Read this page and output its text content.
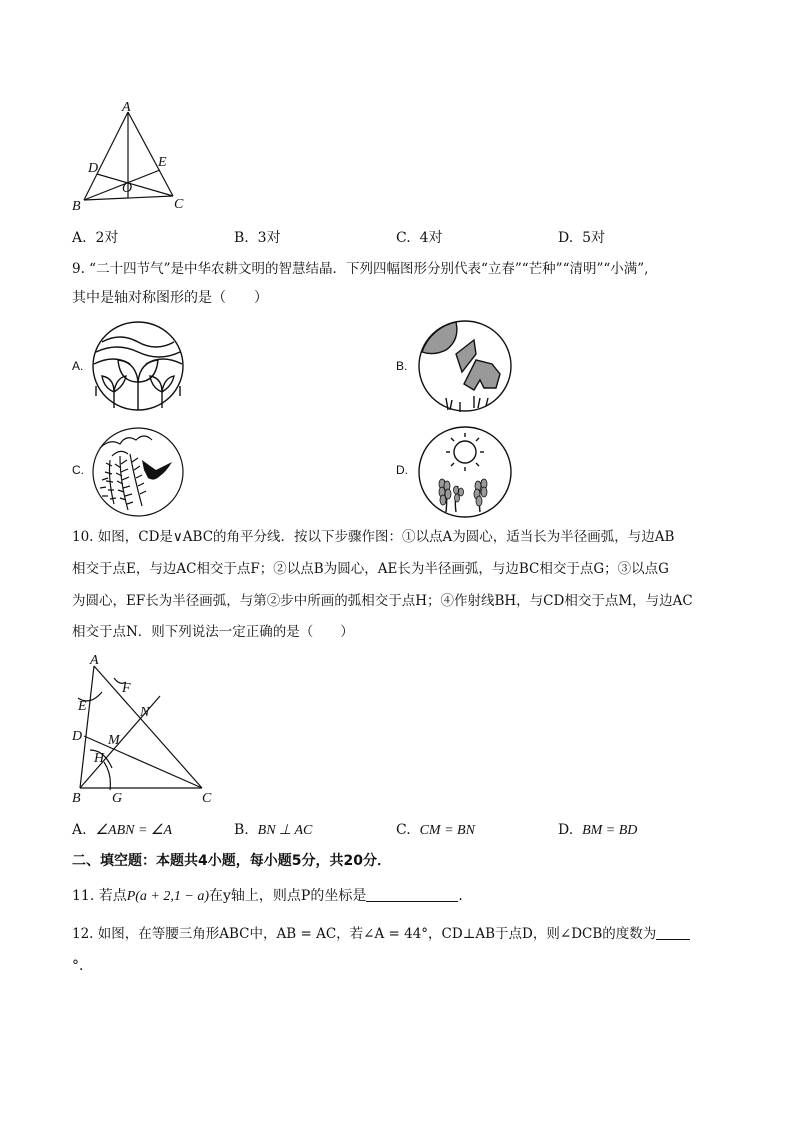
A
D	E
O
B	C
A. 2对	B. 3对	C. 4对	D. 5对
9. “二十四节气”是中华农耕文明的智慧结晶．下列四幅图形分别代表“立春”“芒种”“清明”“小满”,
其中是轴对称图形的是（　　）
A.	B.
C.	D.
10. 如图，CD是∨ABC的角平分线．按以下步骤作图：①以点A为圆心，适当长为半径画弧，与边AB
相交于点E，与边AC相交于点F；②以点B为圆心，AE长为半径画弧，与边BC相交于点G；③以点G
为圆心，EF长为半径画弧，与第②步中所画的弧相交于点H；④作射线BH，与CD相交于点M，与边AC
相交于点N．则下列说法一定正确的是（　　）
A
F
E	N
D M
H
B G	C
A. ∠ABN = ∠A	B. BN ⊥ AC	C. CM = BN	D. BM = BD
二、填空题：本题共4小题，每小题5分，共20分．
11. 若点P(a + 2,1 − a)在y轴上，则点P的坐标是	．
12. 如图，在等腰三角形ABC中，AB = AC，若∠A = 44°，CD⊥AB于点D，则∠DCB的度数为
°．
